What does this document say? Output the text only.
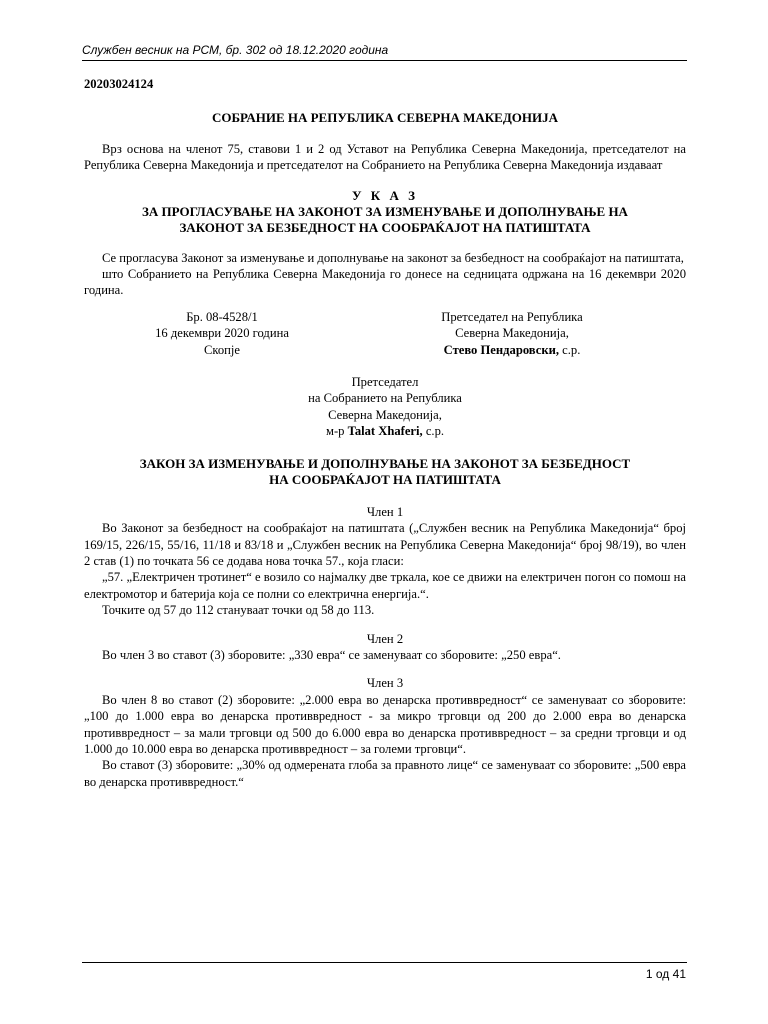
Службен весник на РСМ, бр. 302 од 18.12.2020 година

20203024124

СОБРАНИЕ НА РЕПУБЛИКА СЕВЕРНА МАКЕДОНИЈА

Врз основа на членот 75, ставови 1 и 2 од Уставот на Република Северна Македонија, претседателот на Република Северна Македонија и претседателот на Собранието на Република Северна Македонија издаваат

У К А З
ЗА ПРОГЛАСУВАЊЕ НА ЗАКОНОТ ЗА ИЗМЕНУВАЊЕ И ДОПОЛНУВАЊЕ НА
ЗАКОНОТ ЗА БЕЗБЕДНОСТ НА СООБРАЌАЈОТ НА ПАТИШТАТА

Се прогласува Законот за изменување и дополнување на законот за безбедност на сообраќајот на патиштата,

што Собранието на Република Северна Македонија го донесе на седницата одржана на 16 декември 2020 година.

Бр. 08-4528/1
16 декември 2020 година
Скопје
Претседател на Република
Северна Македонија,
Стево Пендаровски, с.р.
Претседател
на Собранието на Република
Северна Македонија,
м-р Talat Xhaferi, с.р.
ЗАКОН ЗА ИЗМЕНУВАЊЕ И ДОПОЛНУВАЊЕ НА ЗАКОНОТ ЗА БЕЗБЕДНОСТ
НА СООБРАЌАЈОТ НА ПАТИШТАТА

Член 1

Во Законот за безбедност на сообраќајот на патиштата („Службен весник на Република Македонија“ број 169/15, 226/15, 55/16, 11/18 и 83/18 и „Службен весник на Република Северна Македонија“ број 98/19), во член 2 став (1) по точката 56 се додава нова точка 57., која гласи:

„57. „Електричен тротинет“ е возило со најмалку две тркала, кое се движи на електричен погон со помош на електромотор и батерија која се полни со електрична енергија.“.

Точките од 57 до 112 стануваат точки од 58 до 113.

Член 2

Во член 3 во ставот (3) зборовите: „330 евра“ се заменуваат со зборовите: „250 евра“.

Член 3

Во член 8 во ставот (2) зборовите: „2.000 евра во денарска противвредност“ се заменуваат со зборовите: „100 до 1.000 евра во денарска противвредност - за микро трговци од 200 до 2.000 евра во денарска противвредност – за мали трговци од 500 до 6.000 евра во денарска противвредност – за средни трговци и од 1.000 до 10.000 евра во денарска противвредност – за големи трговци“.

Во ставот (3) зборовите: „30% од одмерената глоба за правното лице“ се заменуваат со зборовите: „500 евра во денарска противвредност.“

1 од 41
